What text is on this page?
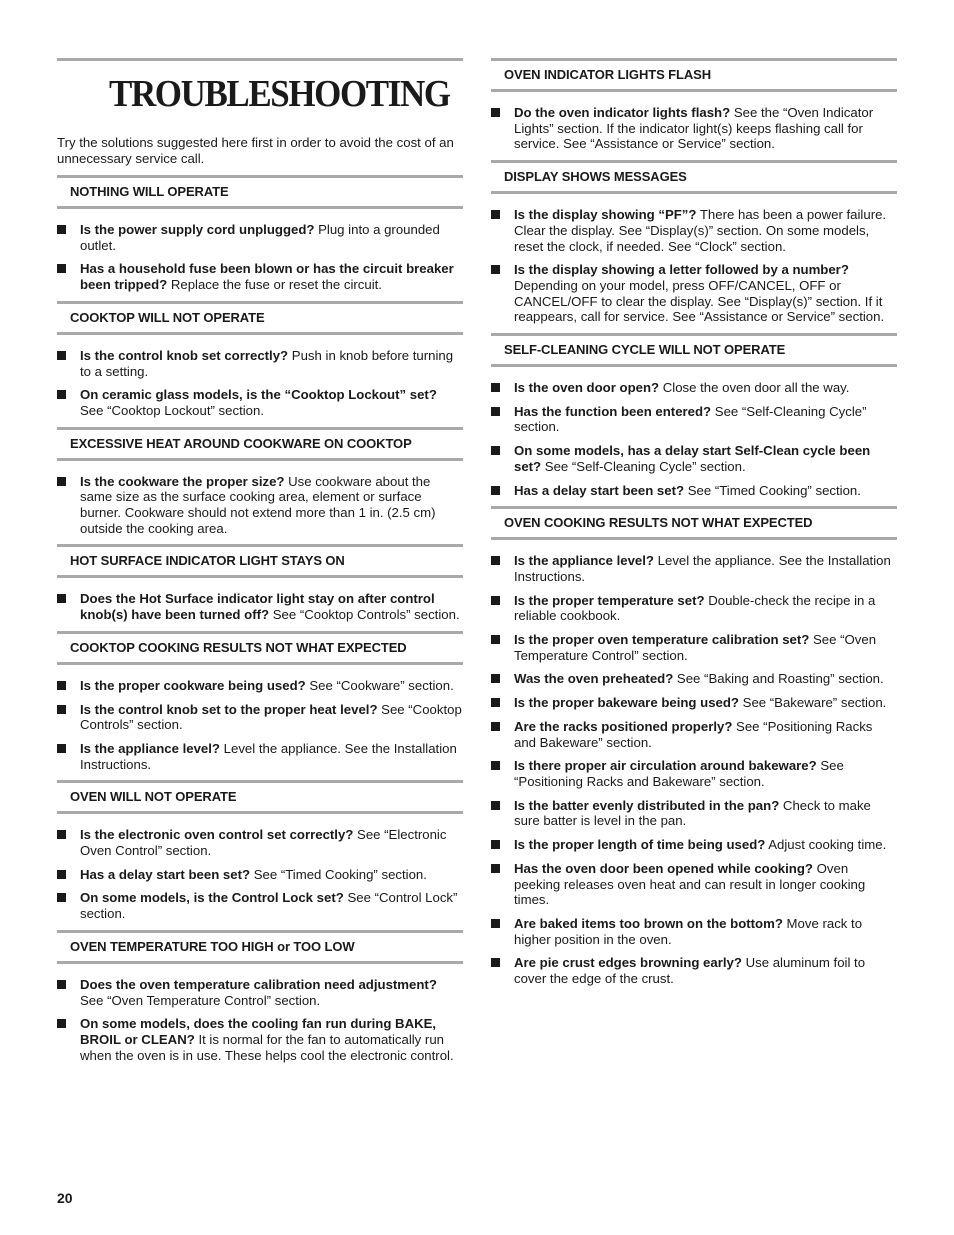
TROUBLESHOOTING
Try the solutions suggested here first in order to avoid the cost of an unnecessary service call.
NOTHING WILL OPERATE
Is the power supply cord unplugged? Plug into a grounded outlet.
Has a household fuse been blown or has the circuit breaker been tripped? Replace the fuse or reset the circuit.
COOKTOP WILL NOT OPERATE
Is the control knob set correctly? Push in knob before turning to a setting.
On ceramic glass models, is the “Cooktop Lockout” set? See “Cooktop Lockout” section.
EXCESSIVE HEAT AROUND COOKWARE ON COOKTOP
Is the cookware the proper size? Use cookware about the same size as the surface cooking area, element or surface burner. Cookware should not extend more than 1 in. (2.5 cm) outside the cooking area.
HOT SURFACE INDICATOR LIGHT STAYS ON
Does the Hot Surface indicator light stay on after control knob(s) have been turned off? See “Cooktop Controls” section.
COOKTOP COOKING RESULTS NOT WHAT EXPECTED
Is the proper cookware being used? See “Cookware” section.
Is the control knob set to the proper heat level? See “Cooktop Controls” section.
Is the appliance level? Level the appliance. See the Installation Instructions.
OVEN WILL NOT OPERATE
Is the electronic oven control set correctly? See “Electronic Oven Control” section.
Has a delay start been set? See “Timed Cooking” section.
On some models, is the Control Lock set? See “Control Lock” section.
OVEN TEMPERATURE TOO HIGH or TOO LOW
Does the oven temperature calibration need adjustment? See “Oven Temperature Control” section.
On some models, does the cooling fan run during BAKE, BROIL or CLEAN? It is normal for the fan to automatically run when the oven is in use. These helps cool the electronic control.
OVEN INDICATOR LIGHTS FLASH
Do the oven indicator lights flash? See the “Oven Indicator Lights” section. If the indicator light(s) keeps flashing call for service. See “Assistance or Service” section.
DISPLAY SHOWS MESSAGES
Is the display showing “PF”? There has been a power failure. Clear the display. See “Display(s)” section. On some models, reset the clock, if needed. See “Clock” section.
Is the display showing a letter followed by a number? Depending on your model, press OFF/CANCEL, OFF or CANCEL/OFF to clear the display. See “Display(s)” section. If it reappears, call for service. See “Assistance or Service” section.
SELF-CLEANING CYCLE WILL NOT OPERATE
Is the oven door open? Close the oven door all the way.
Has the function been entered? See “Self-Cleaning Cycle” section.
On some models, has a delay start Self-Clean cycle been set? See “Self-Cleaning Cycle” section.
Has a delay start been set? See “Timed Cooking” section.
OVEN COOKING RESULTS NOT WHAT EXPECTED
Is the appliance level? Level the appliance. See the Installation Instructions.
Is the proper temperature set? Double-check the recipe in a reliable cookbook.
Is the proper oven temperature calibration set? See “Oven Temperature Control” section.
Was the oven preheated? See “Baking and Roasting” section.
Is the proper bakeware being used? See “Bakeware” section.
Are the racks positioned properly? See “Positioning Racks and Bakeware” section.
Is there proper air circulation around bakeware? See “Positioning Racks and Bakeware” section.
Is the batter evenly distributed in the pan? Check to make sure batter is level in the pan.
Is the proper length of time being used? Adjust cooking time.
Has the oven door been opened while cooking? Oven peeking releases oven heat and can result in longer cooking times.
Are baked items too brown on the bottom? Move rack to higher position in the oven.
Are pie crust edges browning early? Use aluminum foil to cover the edge of the crust.
20
